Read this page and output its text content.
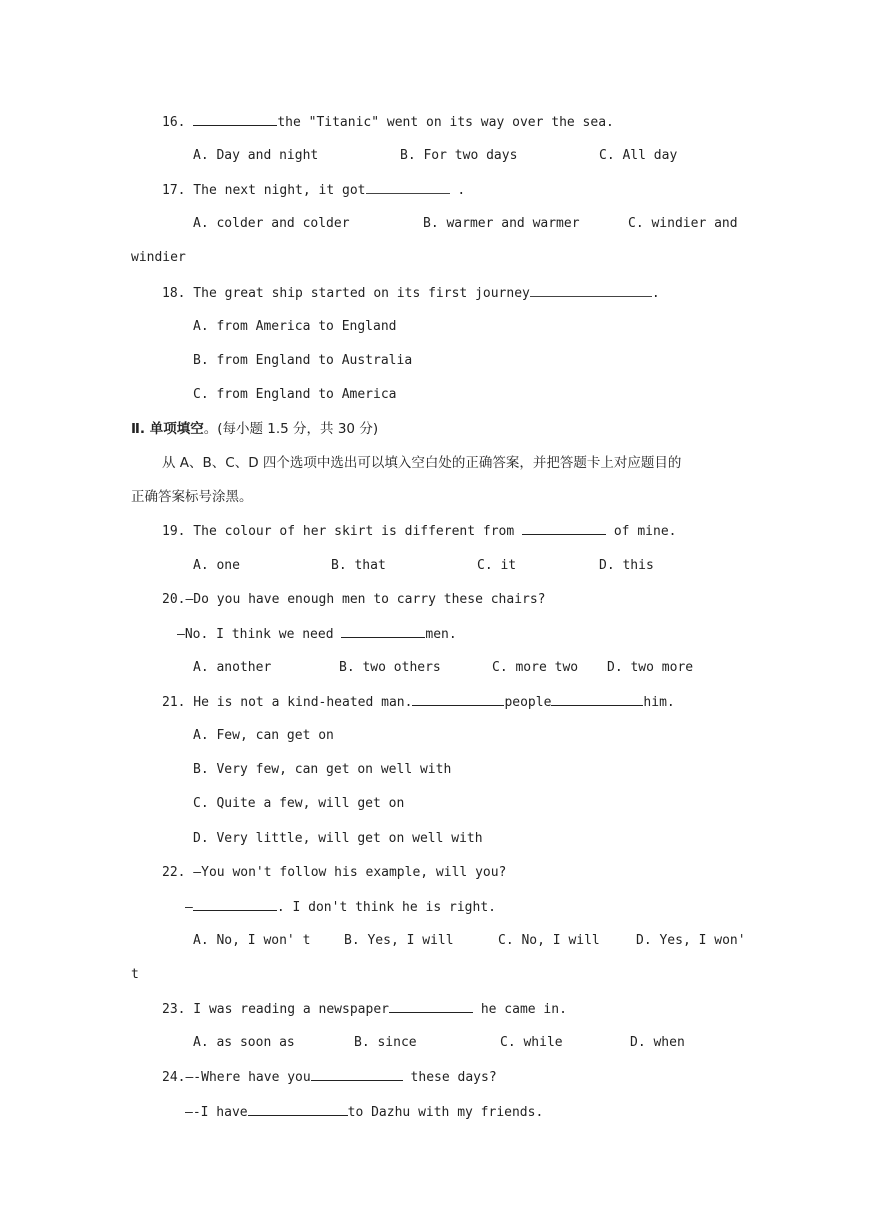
16.	the "Titanic" went on its way over the sea.
A. Day and night	B. For two days	C. All day
17. The next night, it got	.
A. colder and colder	B. warmer and warmer	C. windier and
windier
18. The great ship started on its first journey	.
A. from America to England
B. from England to Australia
C. from England to America
Ⅱ. 单项填空。(每小题 1.5 分，共 30 分)
从 A、B、C、D 四个选项中选出可以填入空白处的正确答案，并把答题卡上对应题目的
正确答案标号涂黑。
19. The colour of her skirt is different from	of mine.
A. one	B. that	C. it	D. this
20.—Do you have enough men to carry these chairs?
—No. I think we need	men.
A. another	B. two others	C. more two D. two more
21. He is not a kind-heated man.	people	him.
A. Few, can get on
B. Very few, can get on well with
C. Quite a few, will get on
D. Very little, will get on well with
22. —You won't follow his example, will you?
—	. I don't think he is right.
A. No, I won' t	B. Yes, I will	C. No, I will	D. Yes, I won'
t
23. I was reading a newspaper	he came in.
A. as soon as	B. since	C. while	D. when
24.—-Where have you	these days?
—-I have	to Dazhu with my friends.
